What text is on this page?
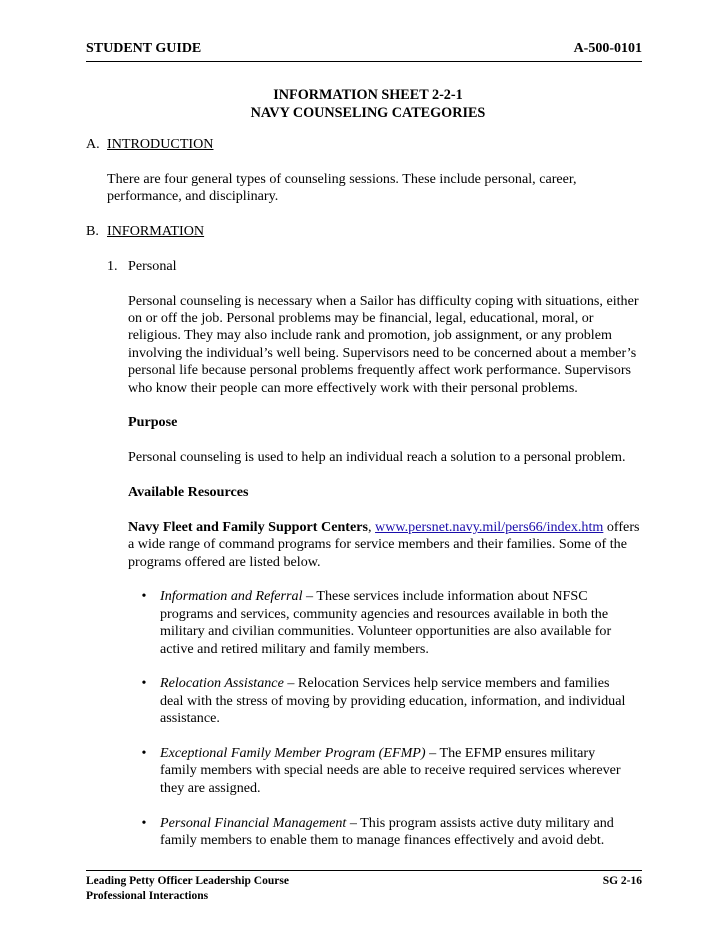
STUDENT GUIDE	A-500-0101
INFORMATION SHEET 2-2-1
NAVY COUNSELING CATEGORIES
A. INTRODUCTION

There are four general types of counseling sessions. These include personal, career, performance, and disciplinary.

B. INFORMATION
1. Personal

Personal counseling is necessary when a Sailor has difficulty coping with situations, either on or off the job. Personal problems may be financial, legal, educational, moral, or religious. They may also include rank and promotion, job assignment, or any problem involving the individual’s well being. Supervisors need to be concerned about a member’s personal life because personal problems frequently affect work performance. Supervisors who know their people can more effectively work with their personal problems.

Purpose

Personal counseling is used to help an individual reach a solution to a personal problem.

Available Resources

Navy Fleet and Family Support Centers, www.persnet.navy.mil/pers66/index.htm offers a wide range of command programs for service members and their families. Some of the programs offered are listed below.

• Information and Referral – These services include information about NFSC programs and services, community agencies and resources available in both the military and civilian communities. Volunteer opportunities are also available for active and retired military and family members.
• Relocation Assistance – Relocation Services help service members and families deal with the stress of moving by providing education, information, and individual assistance.
• Exceptional Family Member Program (EFMP) – The EFMP ensures military family members with special needs are able to receive required services wherever they are assigned.
• Personal Financial Management – This program assists active duty military and family members to enable them to manage finances effectively and avoid debt.
Leading Petty Officer Leadership Course	SG 2-16
Professional Interactions
